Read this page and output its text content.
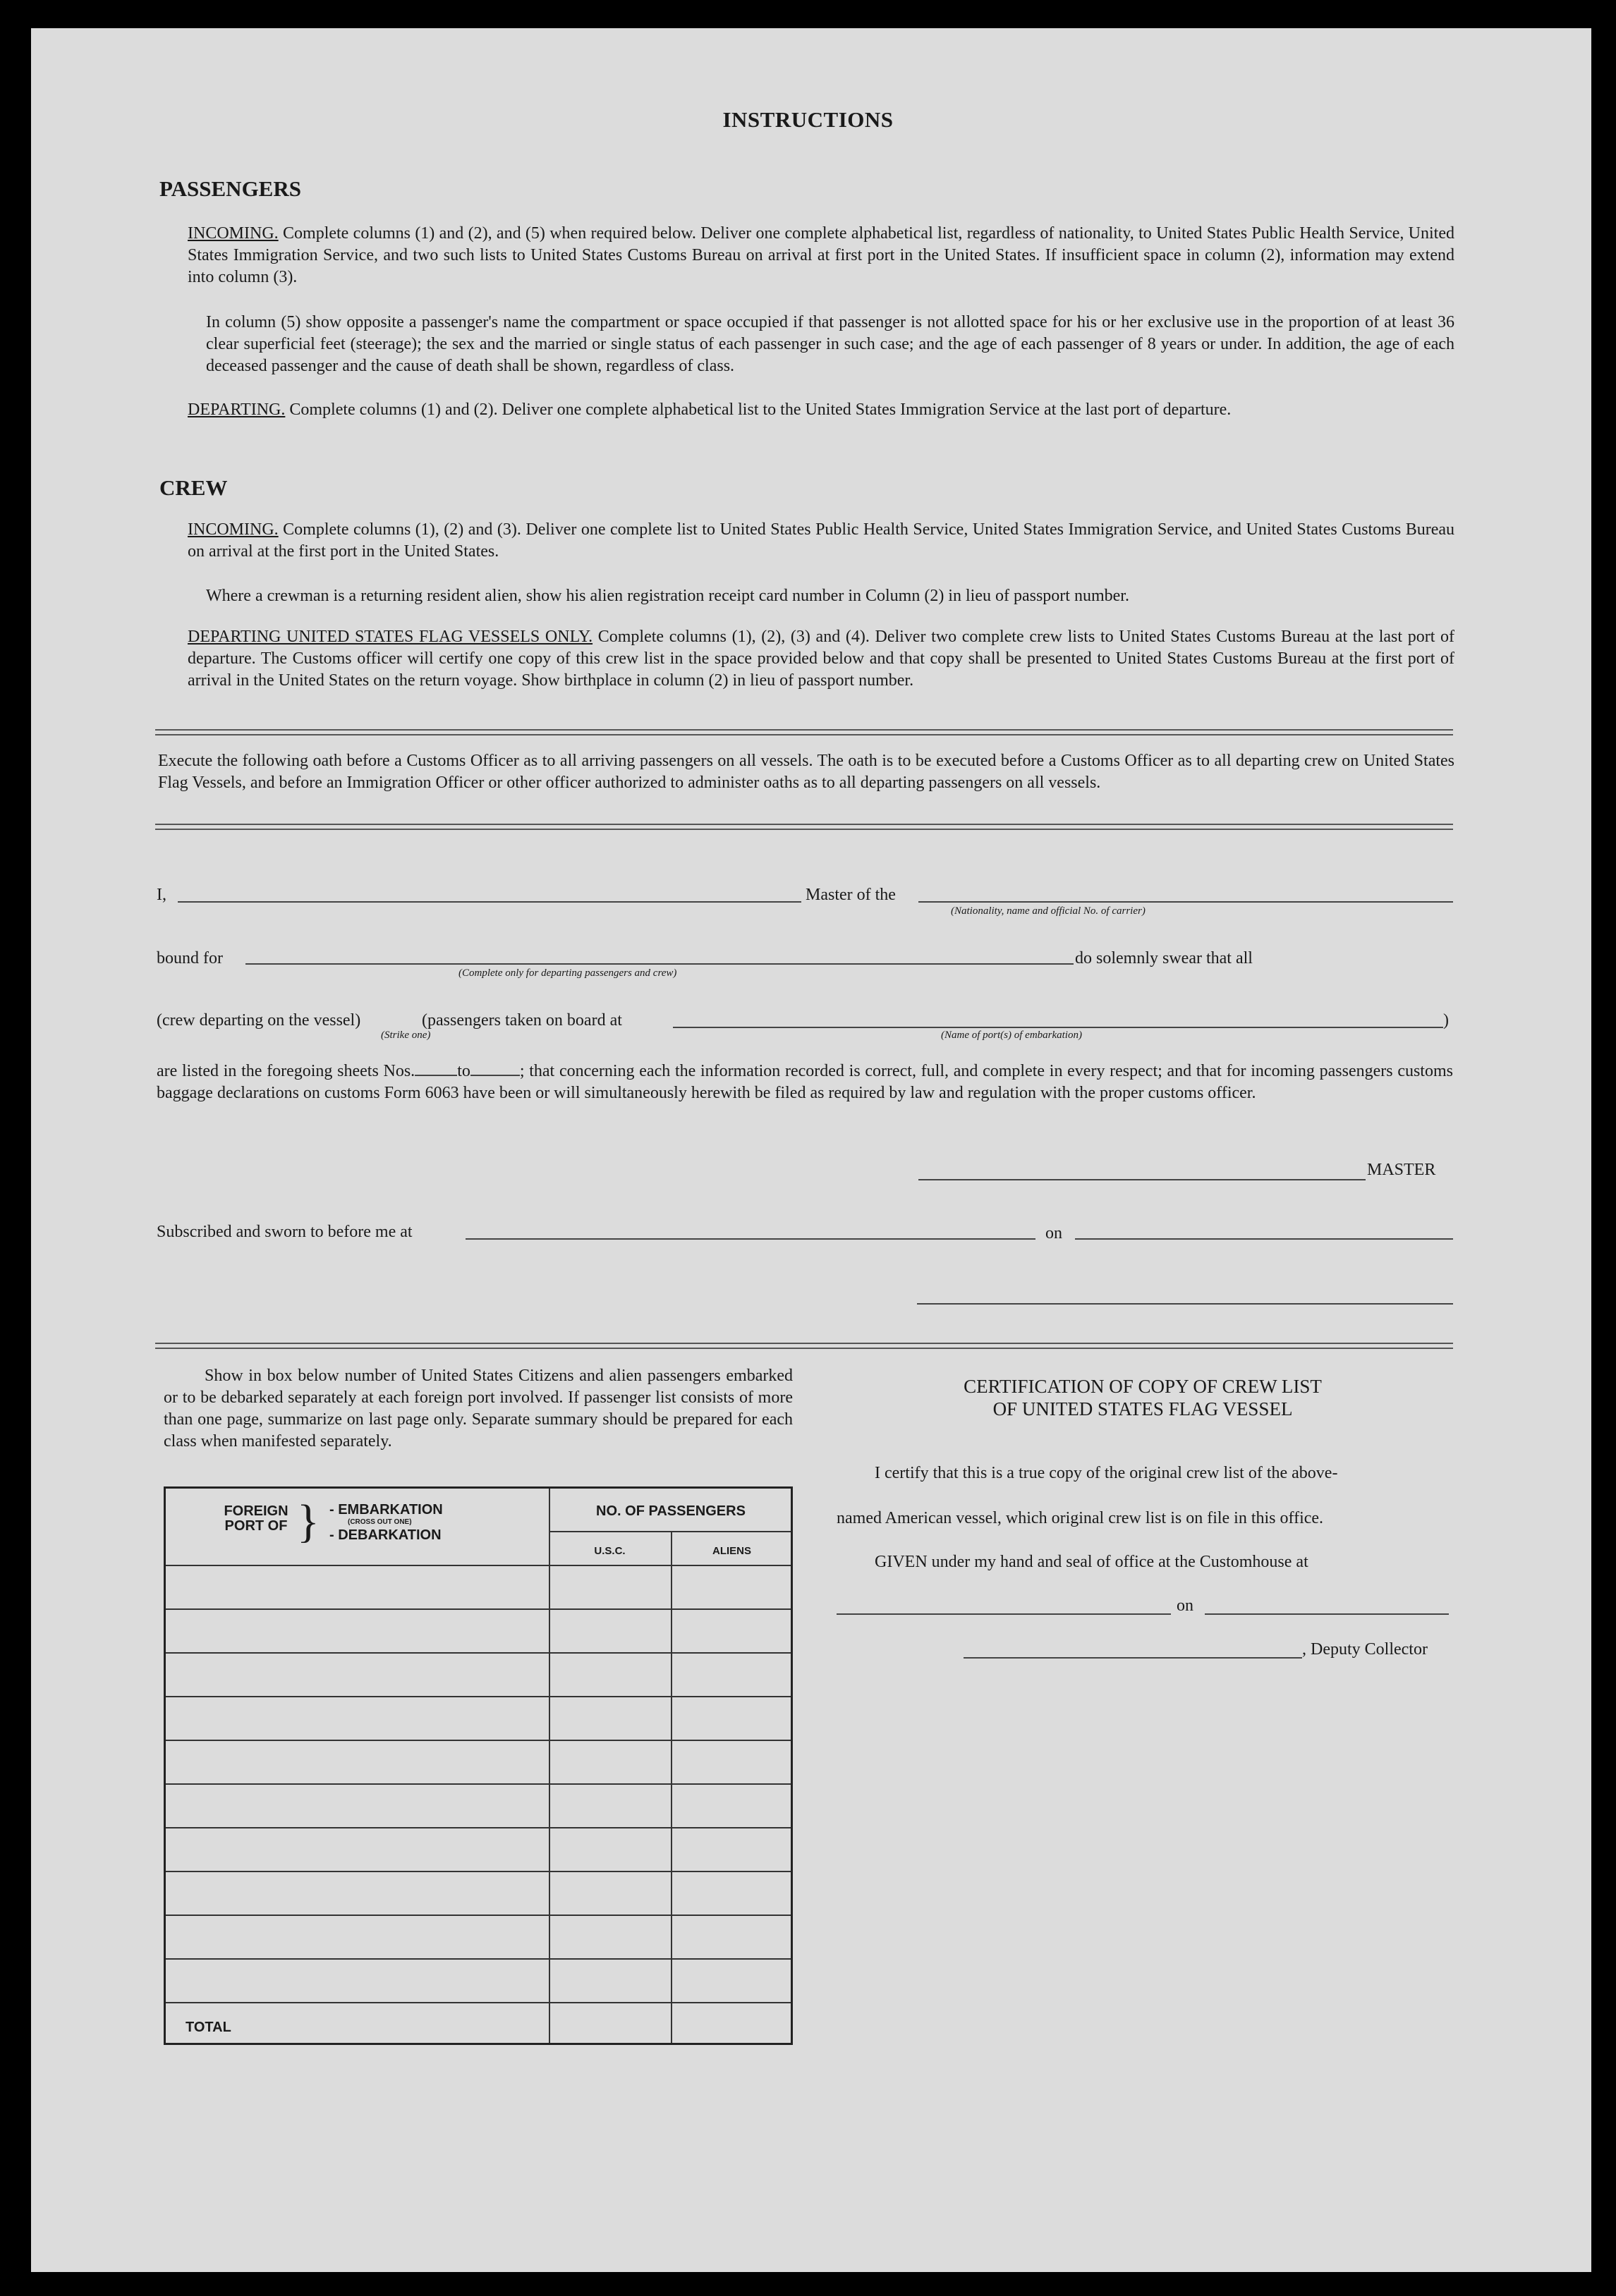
INSTRUCTIONS
PASSENGERS
INCOMING. Complete columns (1) and (2), and (5) when required below. Deliver one complete alphabetical list, regardless of nationality, to United States Public Health Service, United States Immigration Service, and two such lists to United States Customs Bureau on arrival at first port in the United States. If insufficient space in column (2), information may extend into column (3).
In column (5) show opposite a passenger's name the compartment or space occupied if that passenger is not allotted space for his or her exclusive use in the proportion of at least 36 clear superficial feet (steerage); the sex and the married or single status of each passenger in such case; and the age of each passenger of 8 years or under. In addition, the age of each deceased passenger and the cause of death shall be shown, regardless of class.
DEPARTING. Complete columns (1) and (2). Deliver one complete alphabetical list to the United States Immigration Service at the last port of departure.
CREW
INCOMING. Complete columns (1), (2) and (3). Deliver one complete list to United States Public Health Service, United States Immigration Service, and United States Customs Bureau on arrival at the first port in the United States.
Where a crewman is a returning resident alien, show his alien registration receipt card number in Column (2) in lieu of passport number.
DEPARTING UNITED STATES FLAG VESSELS ONLY. Complete columns (1), (2), (3) and (4). Deliver two complete crew lists to United States Customs Bureau at the last port of departure. The Customs officer will certify one copy of this crew list in the space provided below and that copy shall be presented to United States Customs Bureau at the first port of arrival in the United States on the return voyage. Show birthplace in column (2) in lieu of passport number.
Execute the following oath before a Customs Officer as to all arriving passengers on all vessels. The oath is to be executed before a Customs Officer as to all departing crew on United States Flag Vessels, and before an Immigration Officer or other officer authorized to administer oaths as to all departing passengers on all vessels.
I,	Master of the
(Nationality, name and official No. of carrier)
bound for
(Complete only for departing passengers and crew)
do solemnly swear that all
(crew departing on the vessel)	(passengers taken on board at	)
(Strike one)	(Name of port(s) of embarkation)
are listed in the foregoing sheets Nos.	to	; that concerning each the information recorded is correct, full, and complete in every respect; and that for incoming passengers customs baggage declarations on customs Form 6063 have been or will simultaneously herewith be filed as required by law and regulation with the proper customs officer.
MASTER
Subscribed and sworn to before me at	on
Show in box below number of United States Citizens and alien passengers embarked or to be debarked separately at each foreign port involved. If passenger list consists of more than one page, summarize on last page only. Separate summary should be prepared for each class when manifested separately.
FOREIGN PORT OF } - EMBARKATION
(CROSS OUT ONE)
- DEBARKATION
NO. OF PASSENGERS
U.S.C.	ALIENS
TOTAL
CERTIFICATION OF COPY OF CREW LIST
OF UNITED STATES FLAG VESSEL
I certify that this is a true copy of the original crew list of the above-
named American vessel, which original crew list is on file in this office.
GIVEN under my hand and seal of office at the Customhouse at
on
, Deputy Collector
